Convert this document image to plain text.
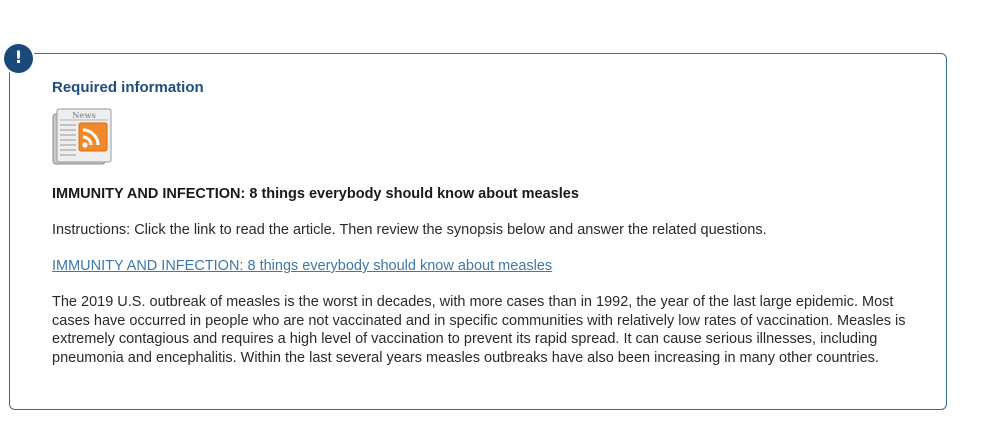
!
Required information
News
IMMUNITY AND INFECTION: 8 things everybody should know about measles
Instructions: Click the link to read the article. Then review the synopsis below and answer the related questions.
IMMUNITY AND INFECTION: 8 things everybody should know about measles
The 2019 U.S. outbreak of measles is the worst in decades, with more cases than in 1992, the year of the last large epidemic. Most cases have occurred in people who are not vaccinated and in specific communities with relatively low rates of vaccination. Measles is extremely contagious and requires a high level of vaccination to prevent its rapid spread. It can cause serious illnesses, including pneumonia and encephalitis. Within the last several years measles outbreaks have also been increasing in many other countries.
